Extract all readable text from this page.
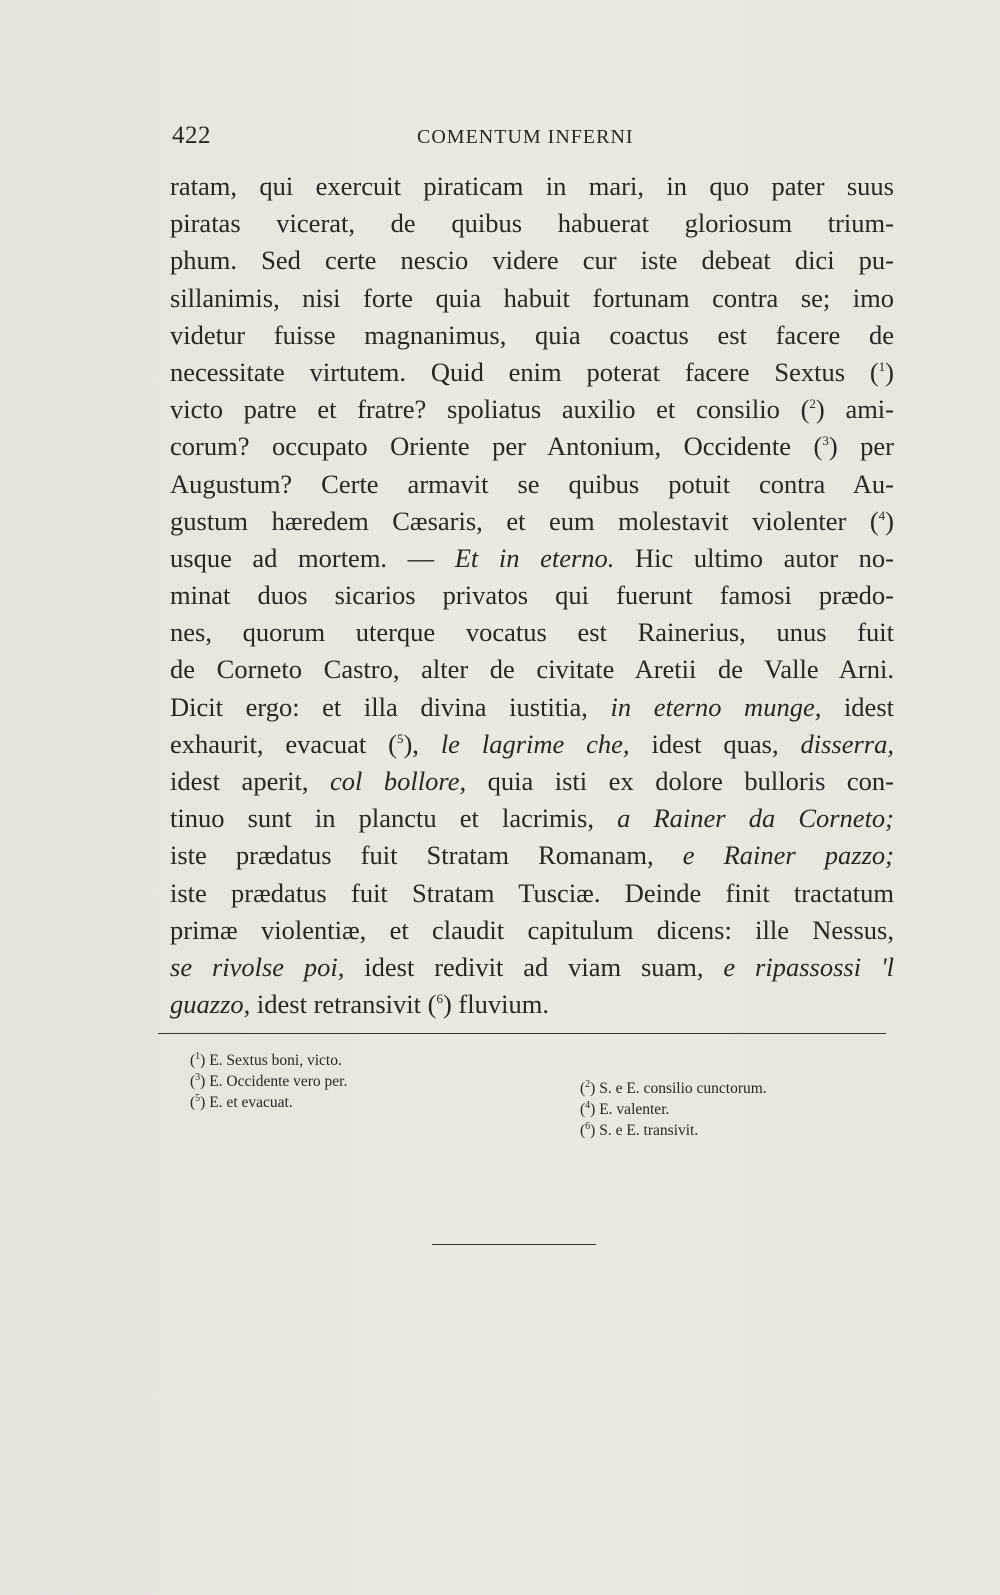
422	COMENTUM INFERNI
ratam, qui exercuit piraticam in mari, in quo pater suus
piratas vicerat, de quibus habuerat gloriosum trium-
phum. Sed certe nescio videre cur iste debeat dici pu-
sillanimis, nisi forte quia habuit fortunam contra se; imo
videtur fuisse magnanimus, quia coactus est facere de
necessitate virtutem. Quid enim poterat facere Sextus ($^1$)
victo patre et fratre? spoliatus auxilio et consilio ($^2$) ami-
corum? occupato Oriente per Antonium, Occidente ($^3$) per
Augustum? Certe armavit se quibus potuit contra Au-
gustum hæredem Cæsaris, et eum molestavit violenter ($^4$)
usque ad mortem. — Et in eterno. Hic ultimo autor no-
minat duos sicarios privatos qui fuerunt famosi prædo-
nes, quorum uterque vocatus est Rainerius, unus fuit
de Corneto Castro, alter de civitate Aretii de Valle Arni.
Dicit ergo: et illa divina iustitia, in eterno munge, idest
exhaurit, evacuat ($^5$), le lagrime che, idest quas, disserra,
idest aperit, col bollore, quia isti ex dolore bulloris con-
tinuo sunt in planctu et lacrimis, a Rainer da Corneto;
iste prædatus fuit Stratam Romanam, e Rainer pazzo;
iste prædatus fuit Stratam Tusciæ. Deinde finit tractatum
primæ violentiæ, et claudit capitulum dicens: ille Nessus,
se rivolse poi, idest redivit ad viam suam, e ripassossi 'l
guazzo, idest retransivit ($^6$) fluvium.
($^1$) E. Sextus boni, victo.
($^3$) E. Occidente vero per.
($^5$) E. et evacuat.
($^2$) S. e E. consilio cunctorum.
($^4$) E. valenter.
($^6$) S. e E. transivit.
